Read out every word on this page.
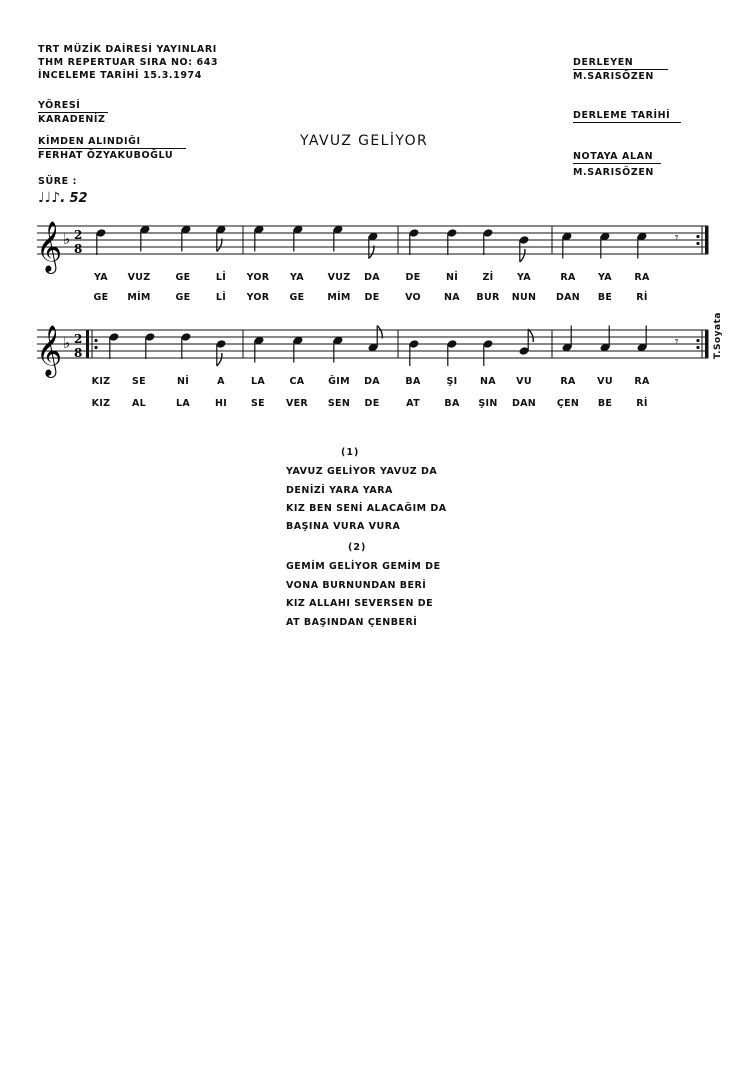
TRT MÜZİK DAİRESİ YAYINLARI
THM REPERTUAR SIRA NO: 643
İNCELEME TARİHİ 15.3.1974
YÖRESİ
KARADENİZ
KİMDEN ALINDIĞI
FERHAT ÖZYAKUBOĞLU
SÜRE :
DERLEYEN
M.SARISÖZEN
DERLEME TARİHİ
NOTAYA ALAN
M.SARISÖZEN
YAVUZ GELİYOR
♩♩♪. 52
𝄞 ♭ 2
8
𝄾
YA VUZ	GE	Lİ YOR YA VUZ DA	DE	Nİ	Zİ YA	RA YA RA
GE MİM	GE	Lİ YOR GE MİM DE	VO NA BUR NUN DAN BE	Rİ
𝄞 ♭ 2
8
𝄾
KIZ SE	Nİ	A	LA	CA ĞIM DA	BA	ŞI NA VU	RA VU RA
KIZ AL	LA	HI	SE VER SEN DE	AT	BA ŞIN DAN ÇEN BE	Rİ
T.Soyata
(1)
YAVUZ GELİYOR YAVUZ DA
DENİZİ YARA YARA
KIZ BEN SENİ ALACAĞIM DA
BAŞINA VURA VURA
(2)
GEMİM GELİYOR GEMİM DE
VONA BURNUNDAN BERİ
KIZ ALLAHI SEVERSEN DE
AT BAŞINDAN ÇENBERİ
